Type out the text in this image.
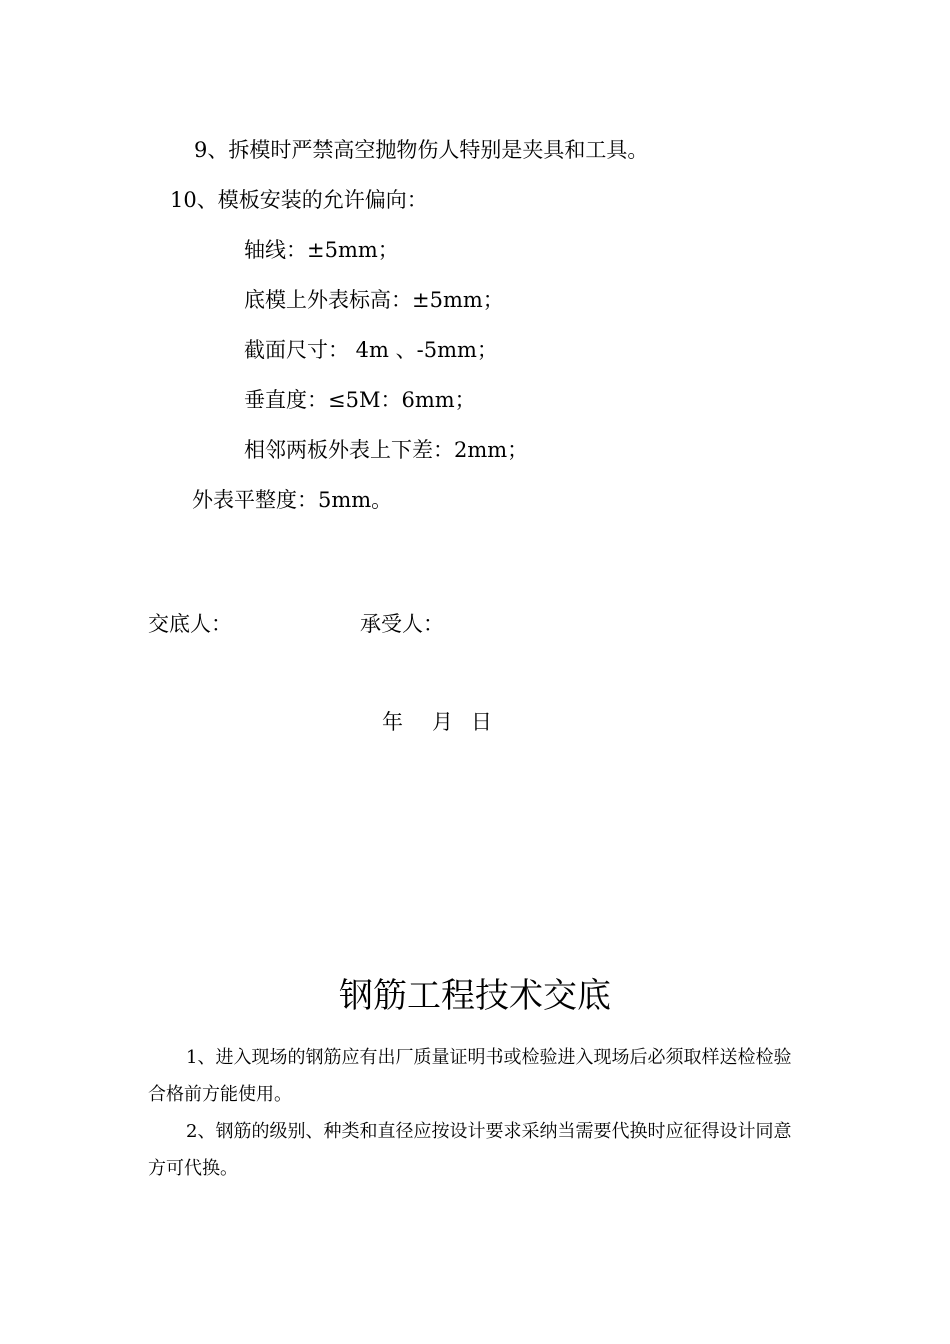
9、拆模时严禁高空抛物伤人特别是夹具和工具。
10、模板安装的允许偏向：
轴线：±5mm；
底模上外表标高：±5mm；
截面尺寸： 4m 、-5mm；
垂直度：≤5M：6mm；
相邻两板外表上下差：2mm；
外表平整度：5mm。
交底人：	承受人：
年 月 日
钢筋工程技术交底
1、进入现场的钢筋应有出厂质量证明书或检验进入现场后必须取样送检检验合格前方能使用。
2、钢筋的级别、种类和直径应按设计要求采纳当需要代换时应征得设计同意方可代换。
